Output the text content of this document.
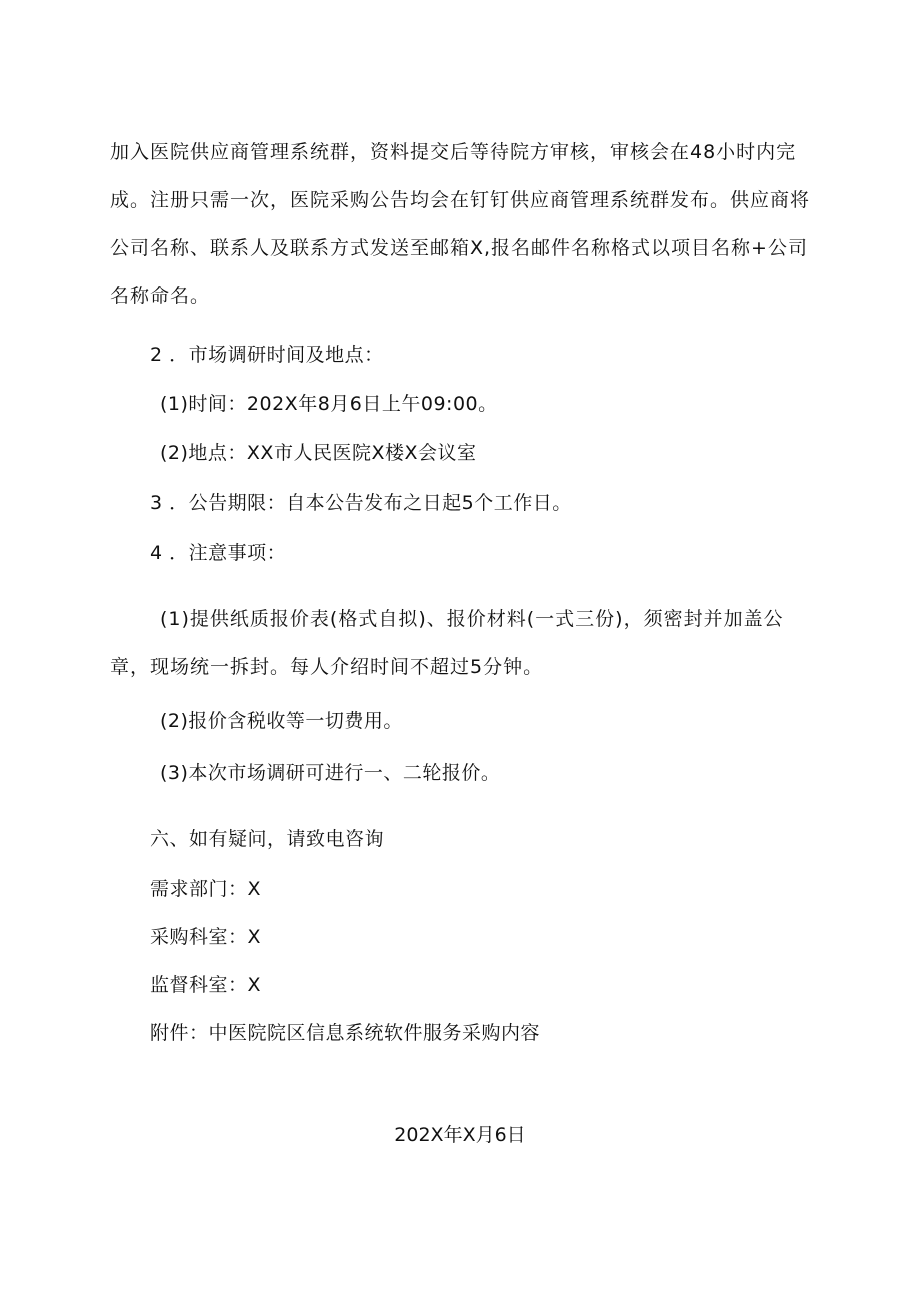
加入医院供应商管理系统群，资料提交后等待院方审核，审核会在48小时内完成。注册只需一次，医院采购公告均会在钉钉供应商管理系统群发布。供应商将公司名称、联系人及联系方式发送至邮箱X,报名邮件名称格式以项目名称+公司名称命名。

2 ．市场调研时间及地点：

(1)时间：202X年8月6日上午09:00。

(2)地点：XX市人民医院X楼X会议室

3 ．公告期限：自本公告发布之日起5个工作日。

4 ．注意事项：

(1)提供纸质报价表(格式自拟)、报价材料(一式三份)，须密封并加盖公章，现场统一拆封。每人介绍时间不超过5分钟。

(2)报价含税收等一切费用。

(3)本次市场调研可进行一、二轮报价。

六、如有疑问，请致电咨询

需求部门：X

采购科室：X

监督科室：X

附件：中医院院区信息系统软件服务采购内容

202X年X月6日
